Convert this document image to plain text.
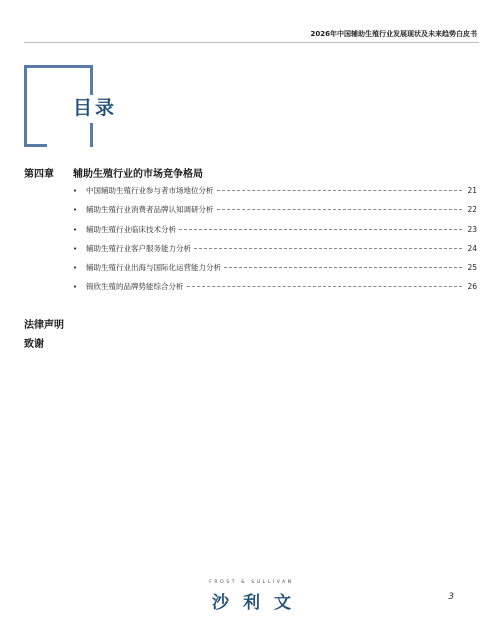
2026年中国辅助生殖行业发展现状及未来趋势白皮书
目录
第四章 辅助生殖行业的市场竞争格局
•	中国辅助生殖行业参与者市场地位分析	21
•	辅助生殖行业消费者品牌认知调研分析	22
•	辅助生殖行业临床技术分析	23
•	辅助生殖行业客户服务能力分析	24
•	辅助生殖行业出海与国际化运营能力分析	25
•	锦欣生殖的品牌势能综合分析	26
法律声明
致谢
FROST & SULLIVAN
沙 利 文	3
